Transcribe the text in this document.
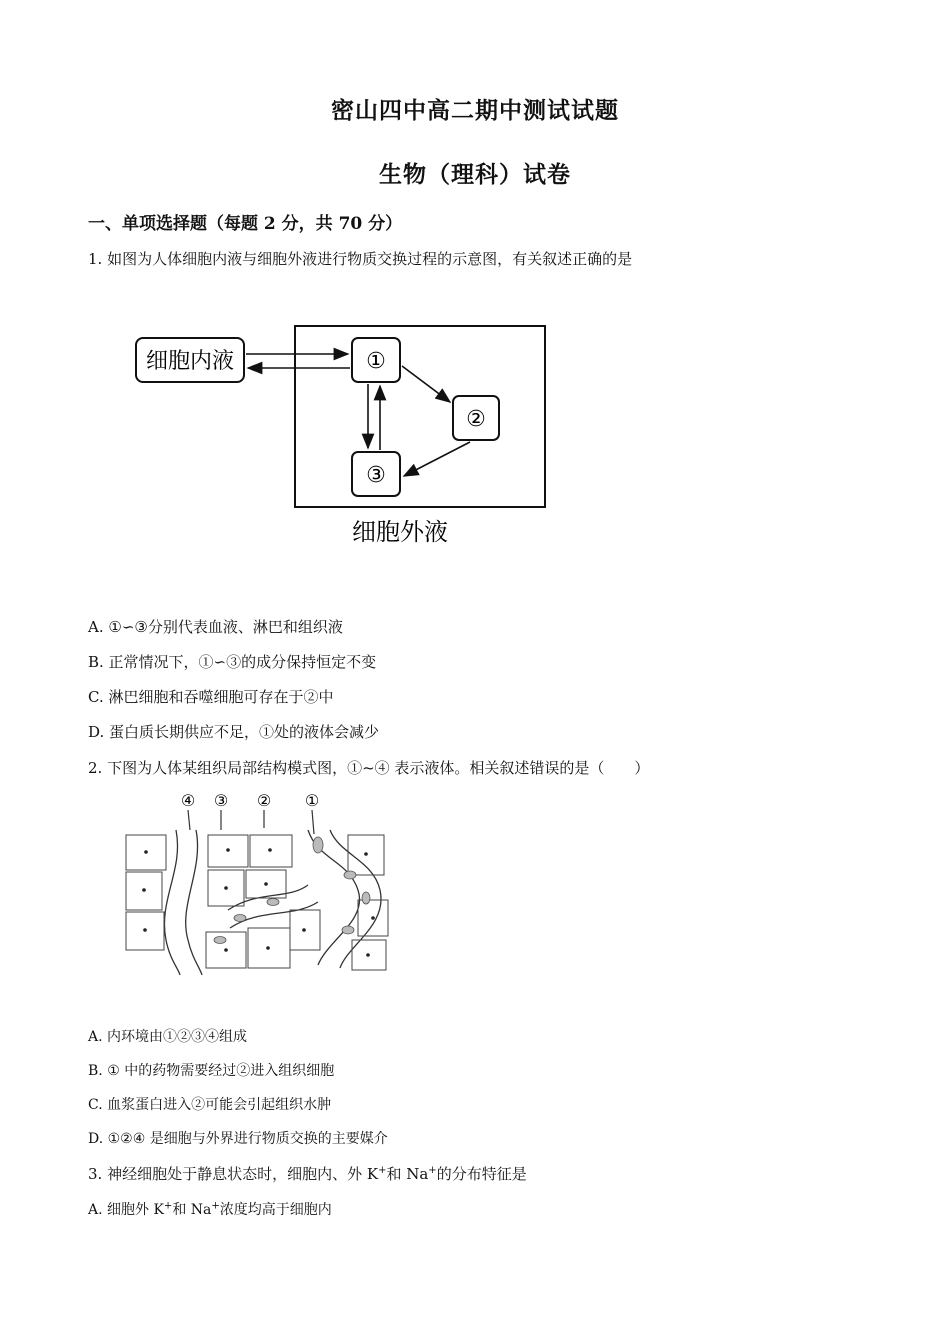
密山四中高二期中测试试题
生物（理科）试卷
一、单项选择题（每题 2 分，共 70 分）
1. 如图为人体细胞内液与细胞外液进行物质交换过程的示意图，有关叙述正确的是
细胞内液	①
②
③
细胞外液
A. ①∽③分别代表血液、淋巴和组织液
B. 正常情况下，①∽③的成分保持恒定不变
C. 淋巴细胞和吞噬细胞可存在于②中
D. 蛋白质长期供应不足，①处的液体会减少
2. 下图为人体某组织局部结构模式图，①~④ 表示液体。相关叙述错误的是（　　）
④ ③ ② ①
A. 内环境由①②③④组成
B. ① 中的药物需要经过②进入组织细胞
C. 血浆蛋白进入②可能会引起组织水肿
D. ①②④ 是细胞与外界进行物质交换的主要媒介
3. 神经细胞处于静息状态时，细胞内、外 K+和 Na+的分布特征是
A. 细胞外 K+和 Na+浓度均高于细胞内
